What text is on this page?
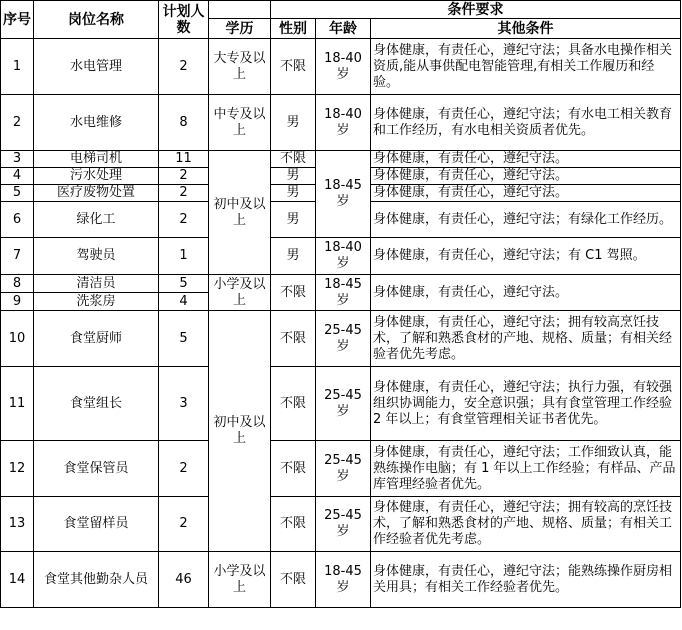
序号	岗位名称	计划人数		条件要求		
			学历	性别	年龄	其他条件
1	水电管理	2	大专及以上	不限	18-40岁	身体健康，有责任心，遵纪守法；具备水电操作相关资质,能从事供配电智能管理,有相关工作履历和经验。
2	水电维修	8	中专及以上	男	18-40岁	身体健康，有责任心，遵纪守法；有水电工相关教育和工作经历，有水电相关资质者优先。
3	电梯司机	11	初中及以上	不限	18-45岁	身体健康，有责任心，遵纪守法。
4	污水处理	2		男		身体健康，有责任心，遵纪守法。
5	医疗废物处置	2		男		身体健康，有责任心，遵纪守法。
6	绿化工	2		男		身体健康，有责任心，遵纪守法；有绿化工作经历。
7	驾驶员	1		男	18-40岁	身体健康，有责任心，遵纪守法；有 C1 驾照。
8	清洁员	5	小学及以上	不限	18-45岁	身体健康，有责任心，遵纪守法。
9	洗浆房	4				
10	食堂厨师	5	初中及以上	不限	25-45岁	身体健康，有责任心，遵纪守法；拥有较高烹饪技术，了解和熟悉食材的产地、规格、质量；有相关经验者优先考虑。
11	食堂组长	3		不限	25-45岁	身体健康，有责任心，遵纪守法；执行力强，有较强组织协调能力，安全意识强；具有食堂管理工作经验 2 年以上；有食堂管理相关证书者优先。
12	食堂保管员	2		不限	25-45岁	身体健康，有责任心，遵纪守法；工作细致认真，能熟练操作电脑；有 1 年以上工作经验；有样品、产品库管理经验者优先。
13	食堂留样员	2		不限	25-45岁	身体健康，有责任心，遵纪守法；拥有较高的烹饪技术，了解和熟悉食材的产地、规格、质量；有相关工作经验者优先考虑。
14	食堂其他勤杂人员	46	小学及以上	不限	18-45岁	身体健康，有责任心，遵纪守法；能熟练操作厨房相关用具；有相关工作经验者优先。
